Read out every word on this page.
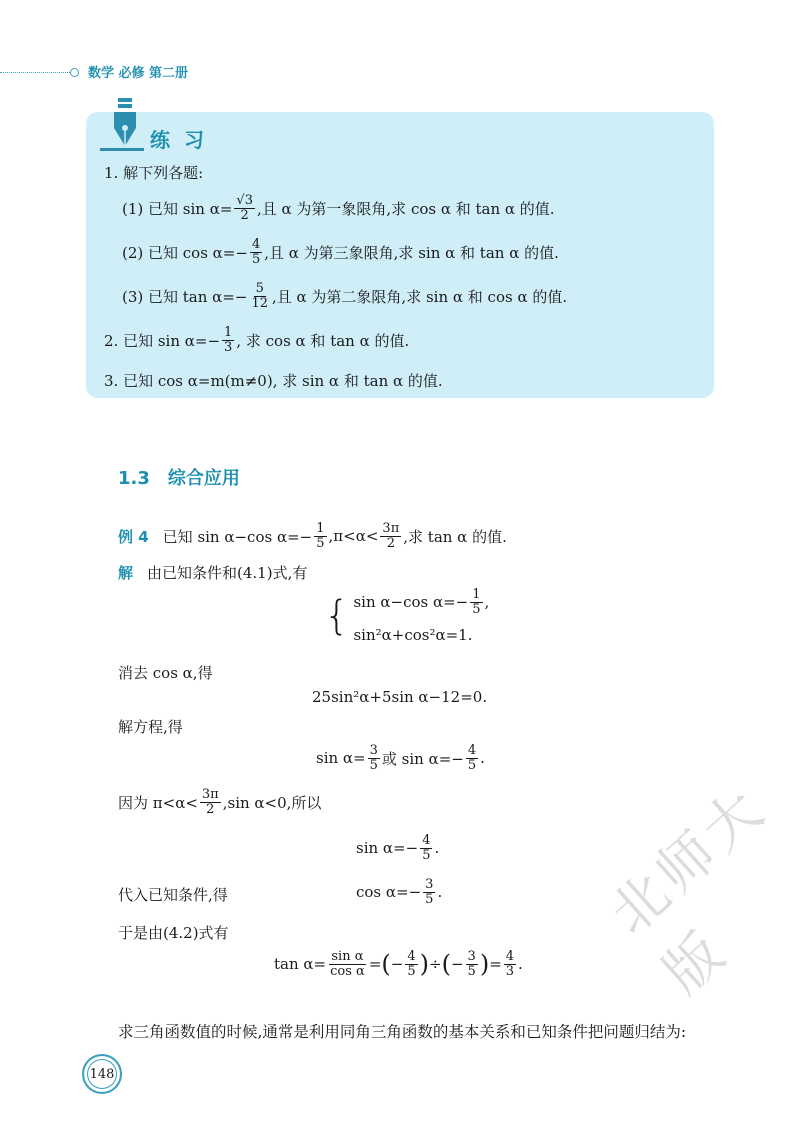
数学 必修 第二册
练习
1. 解下列各题:
(1) 已知 $\sin \alpha= \frac{√3}{2}$ ,且 α 为第一象限角,求 cos α 和 tan α 的值.
(2) 已知 $\cos \alpha=- \frac{4}{5}$ ,且 α 为第三象限角,求 sin α 和 tan α 的值.
(3) 已知 $\tan \alpha=- \frac{5}{12}$ ,且 α 为第二象限角,求 sin α 和 cos α 的值.
2. 已知 $\sin \alpha=- \frac{1}{3}$ , 求 cos α 和 tan α 的值.
3. 已知 cos α=m(m≠0), 求 sin α 和 tan α 的值.
1.3　综合应用
例 4 已知 sin α−cos $\alpha=- \frac{1}{5} ,\pi<\alpha< \frac{3\pi}{2}$ ,求 tan α 的值.
解 由已知条件和(4.1)式,有
{ sin α−cos $\alpha=- \frac{1}{5}$ ,
sin²α+cos²α=1.
消去 cos α,得
25sin²α+5sin α−12=0.
解方程,得
$\sin \alpha= \frac{3}{5}$ 或 $\sin \alpha=- \frac{4}{5}$ .
因为 $\pi<\alpha< \frac{3\pi}{2} ,\sin$ α<0,所以
$\sin \alpha=- \frac{4}{5}$ .
代入已知条件,得	$\cos \alpha=- \frac{3}{5}$ .
于是由(4.2)式有
$\tan \alpha= \frac{\text{sin α}}{\text{cos α}}$ = ( − $\frac{4}{5}$ ) ÷ ( − $\frac{3}{5}$ ) = $\frac{4}{3}$ .
求三角函数值的时候,通常是利用同角三角函数的基本关系和已知条件把问题归结为:
北师大版
148
